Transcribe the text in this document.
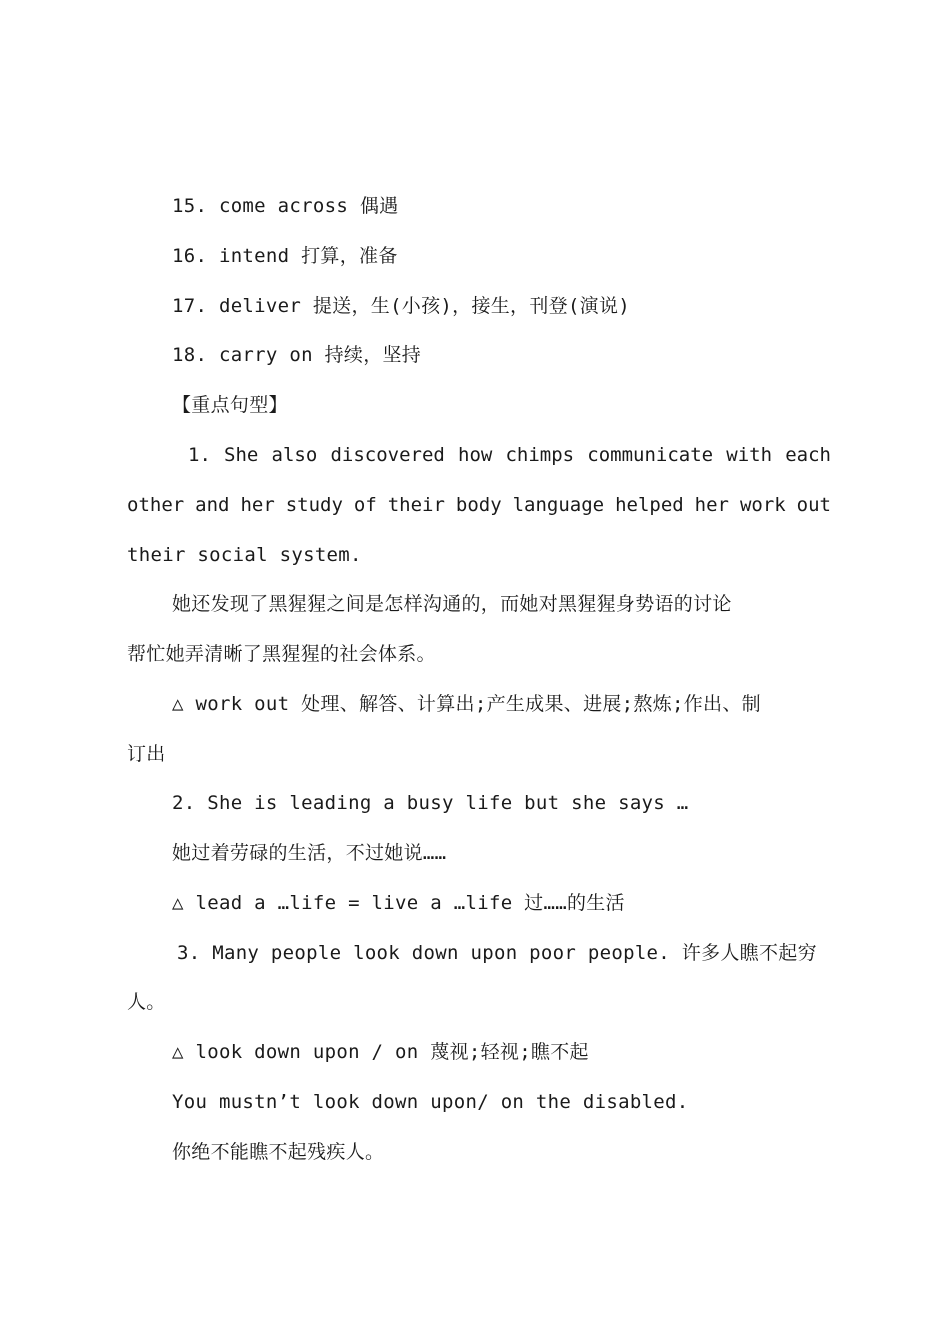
15. come across 偶遇
16. intend 打算，准备
17. deliver 提送，生(小孩)，接生，刊登(演说)
18. carry on 持续，坚持
【重点句型】
1. She also discovered how chimps communicate with each
other and her study of their body language helped her work out
their social system.
她还发现了黑猩猩之间是怎样沟通的，而她对黑猩猩身势语的讨论
帮忙她弄清晰了黑猩猩的社会体系。
△ work out 处理、解答、计算出;产生成果、进展;熬炼;作出、制
订出
2. She is leading a busy life but she says …
她过着劳碌的生活，不过她说……
△ lead a …life = live a …life 过……的生活
3. Many people look down upon poor people. 许多人瞧不起穷
人。
△ look down upon / on 蔑视;轻视;瞧不起
You mustn’t look down upon/ on the disabled.
你绝不能瞧不起残疾人。
